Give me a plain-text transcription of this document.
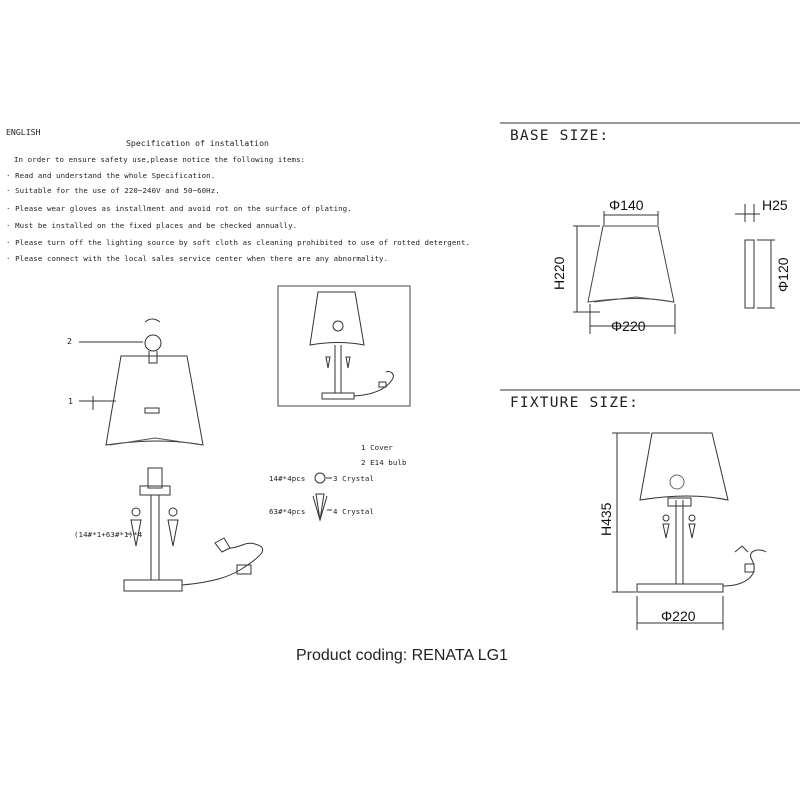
ENGLISH
Specification of installation
In order to ensure safety use,please notice the following items:
· Read and understand the whole Specification.
· Suitable for the use of 220~240V and 50~60Hz.
· Please wear gloves as installment and avoid rot on the surface of plating.
· Must be installed on the fixed places and be checked annually.
· Please turn off the lighting source by soft cloth as cleaning prohibited to use of rotted detergent.
· Please connect with the local sales service center when there are any abnormality.
BASE SIZE:
Φ140
H220
Φ220
H25
Φ120
FIXTURE SIZE:
H435
Φ220
2
1
(14#*1+63#*1)*4
1 Cover
2 E14 bulb
14#*4pcs	3 Crystal
63#*4pcs	4 Crystal
Product coding: RENATA LG1
